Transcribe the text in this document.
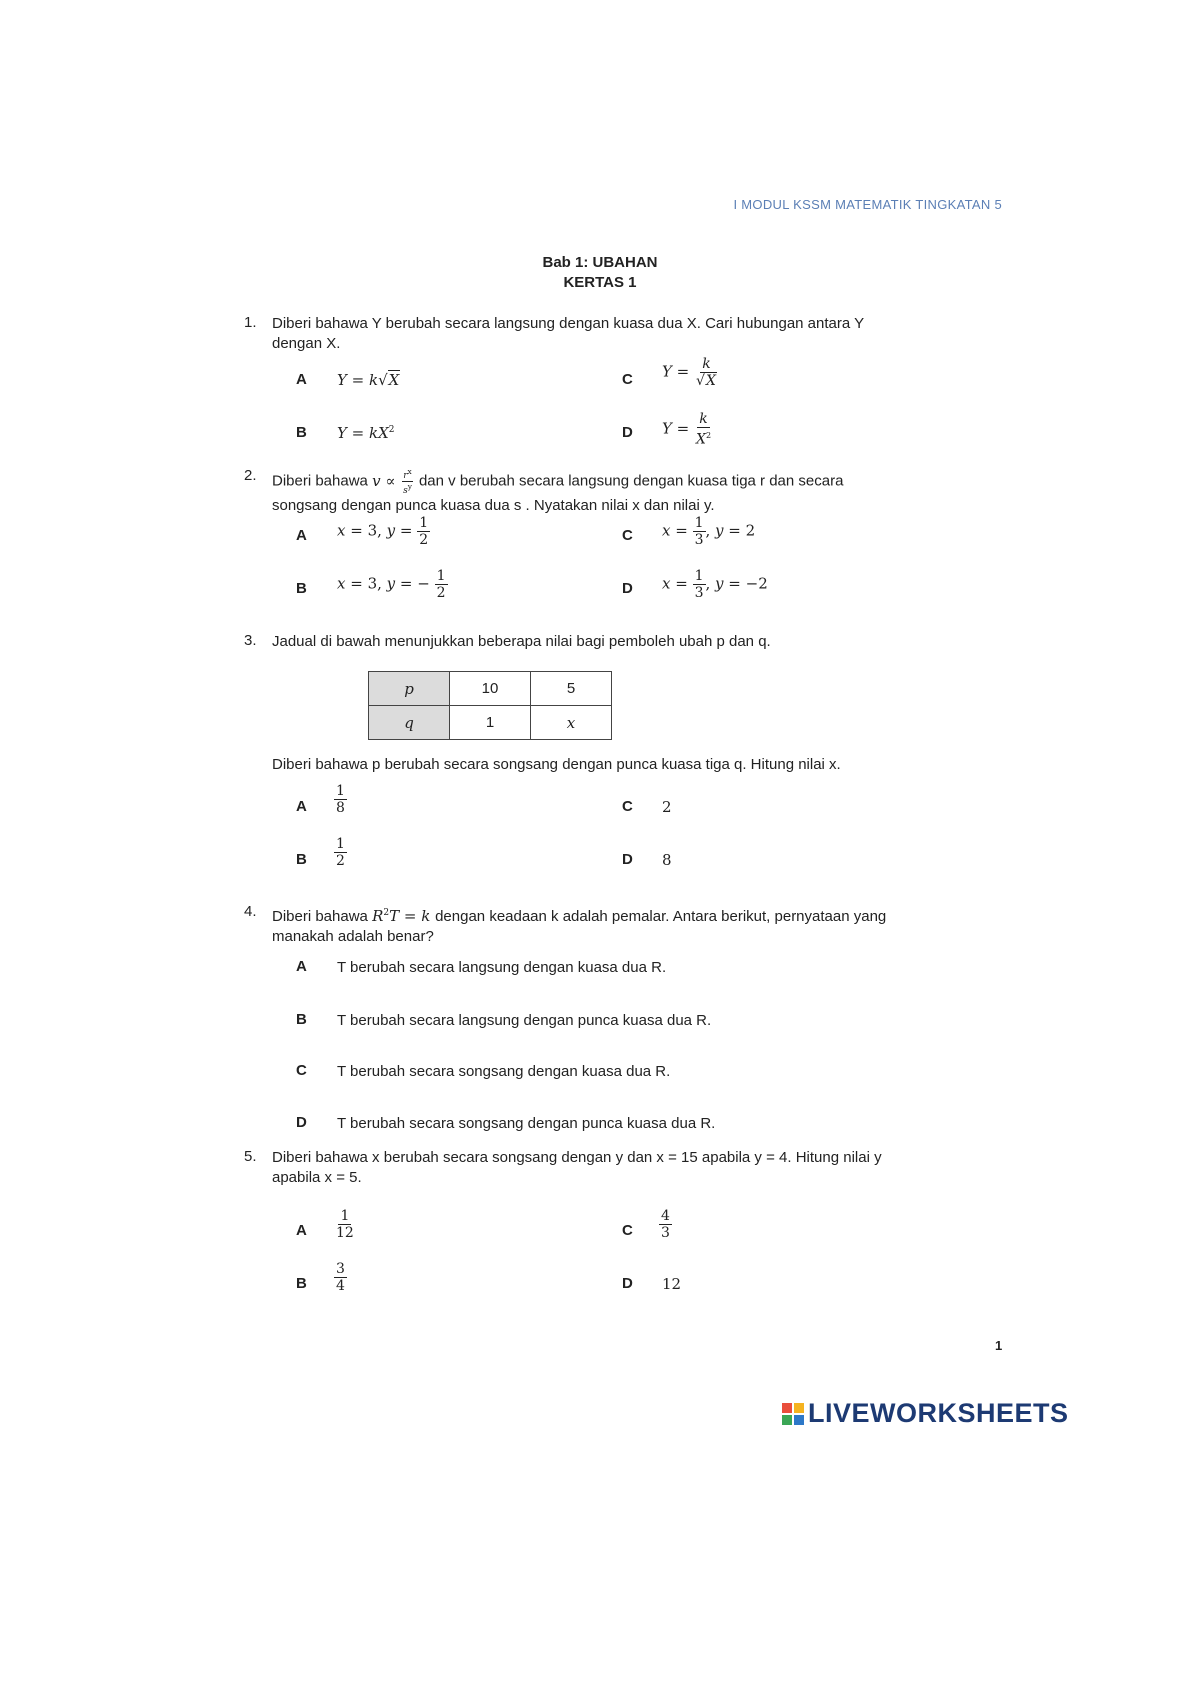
I MODUL KSSM MATEMATIK TINGKATAN 5
Bab 1: UBAHAN
KERTAS 1
1. Diberi bahawa Y berubah secara langsung dengan kuasa dua X. Cari hubungan antara Y
dengan X.
A Y = k√X	C $Y = \frac{k}{√X}$
B $Y = kX^2$	D $Y = \frac{k}{X^2}$
2. Diberi bahawa $v \propto \frac{r^x}{s^y}$ dan v berubah secara langsung dengan kuasa tiga r dan secara
songsang dengan punca kuasa dua s . Nyatakan nilai x dan nilai y.
A x = 3, $y = \frac{1}{2}$	C $x = \frac{1}{3}$ , y = 2
B x = 3, y = − $\frac{1}{2}$	D $x = \frac{1}{3}$ , y = −2
3. Jadual di bawah menunjukkan beberapa nilai bagi pemboleh ubah p dan q.
p	10	5
q	1	x
Diberi bahawa p berubah secara songsang dengan punca kuasa tiga q. Hitung nilai x.
A $\frac{1}{8}$	C 2
B $\frac{1}{2}$	D 8
4. Diberi bahawa $R^2T = k$ dengan keadaan k adalah pemalar. Antara berikut, pernyataan yang
manakah adalah benar?
A T berubah secara langsung dengan kuasa dua R.
B T berubah secara langsung dengan punca kuasa dua R.
C T berubah secara songsang dengan kuasa dua R.
D T berubah secara songsang dengan punca kuasa dua R.
5. Diberi bahawa x berubah secara songsang dengan y dan x = 15 apabila y = 4. Hitung nilai y
apabila x = 5.
A $\frac{1}{12}$	C $\frac{4}{3}$
B $\frac{3}{4}$	D 12
1
LIVEWORKSHEETS
